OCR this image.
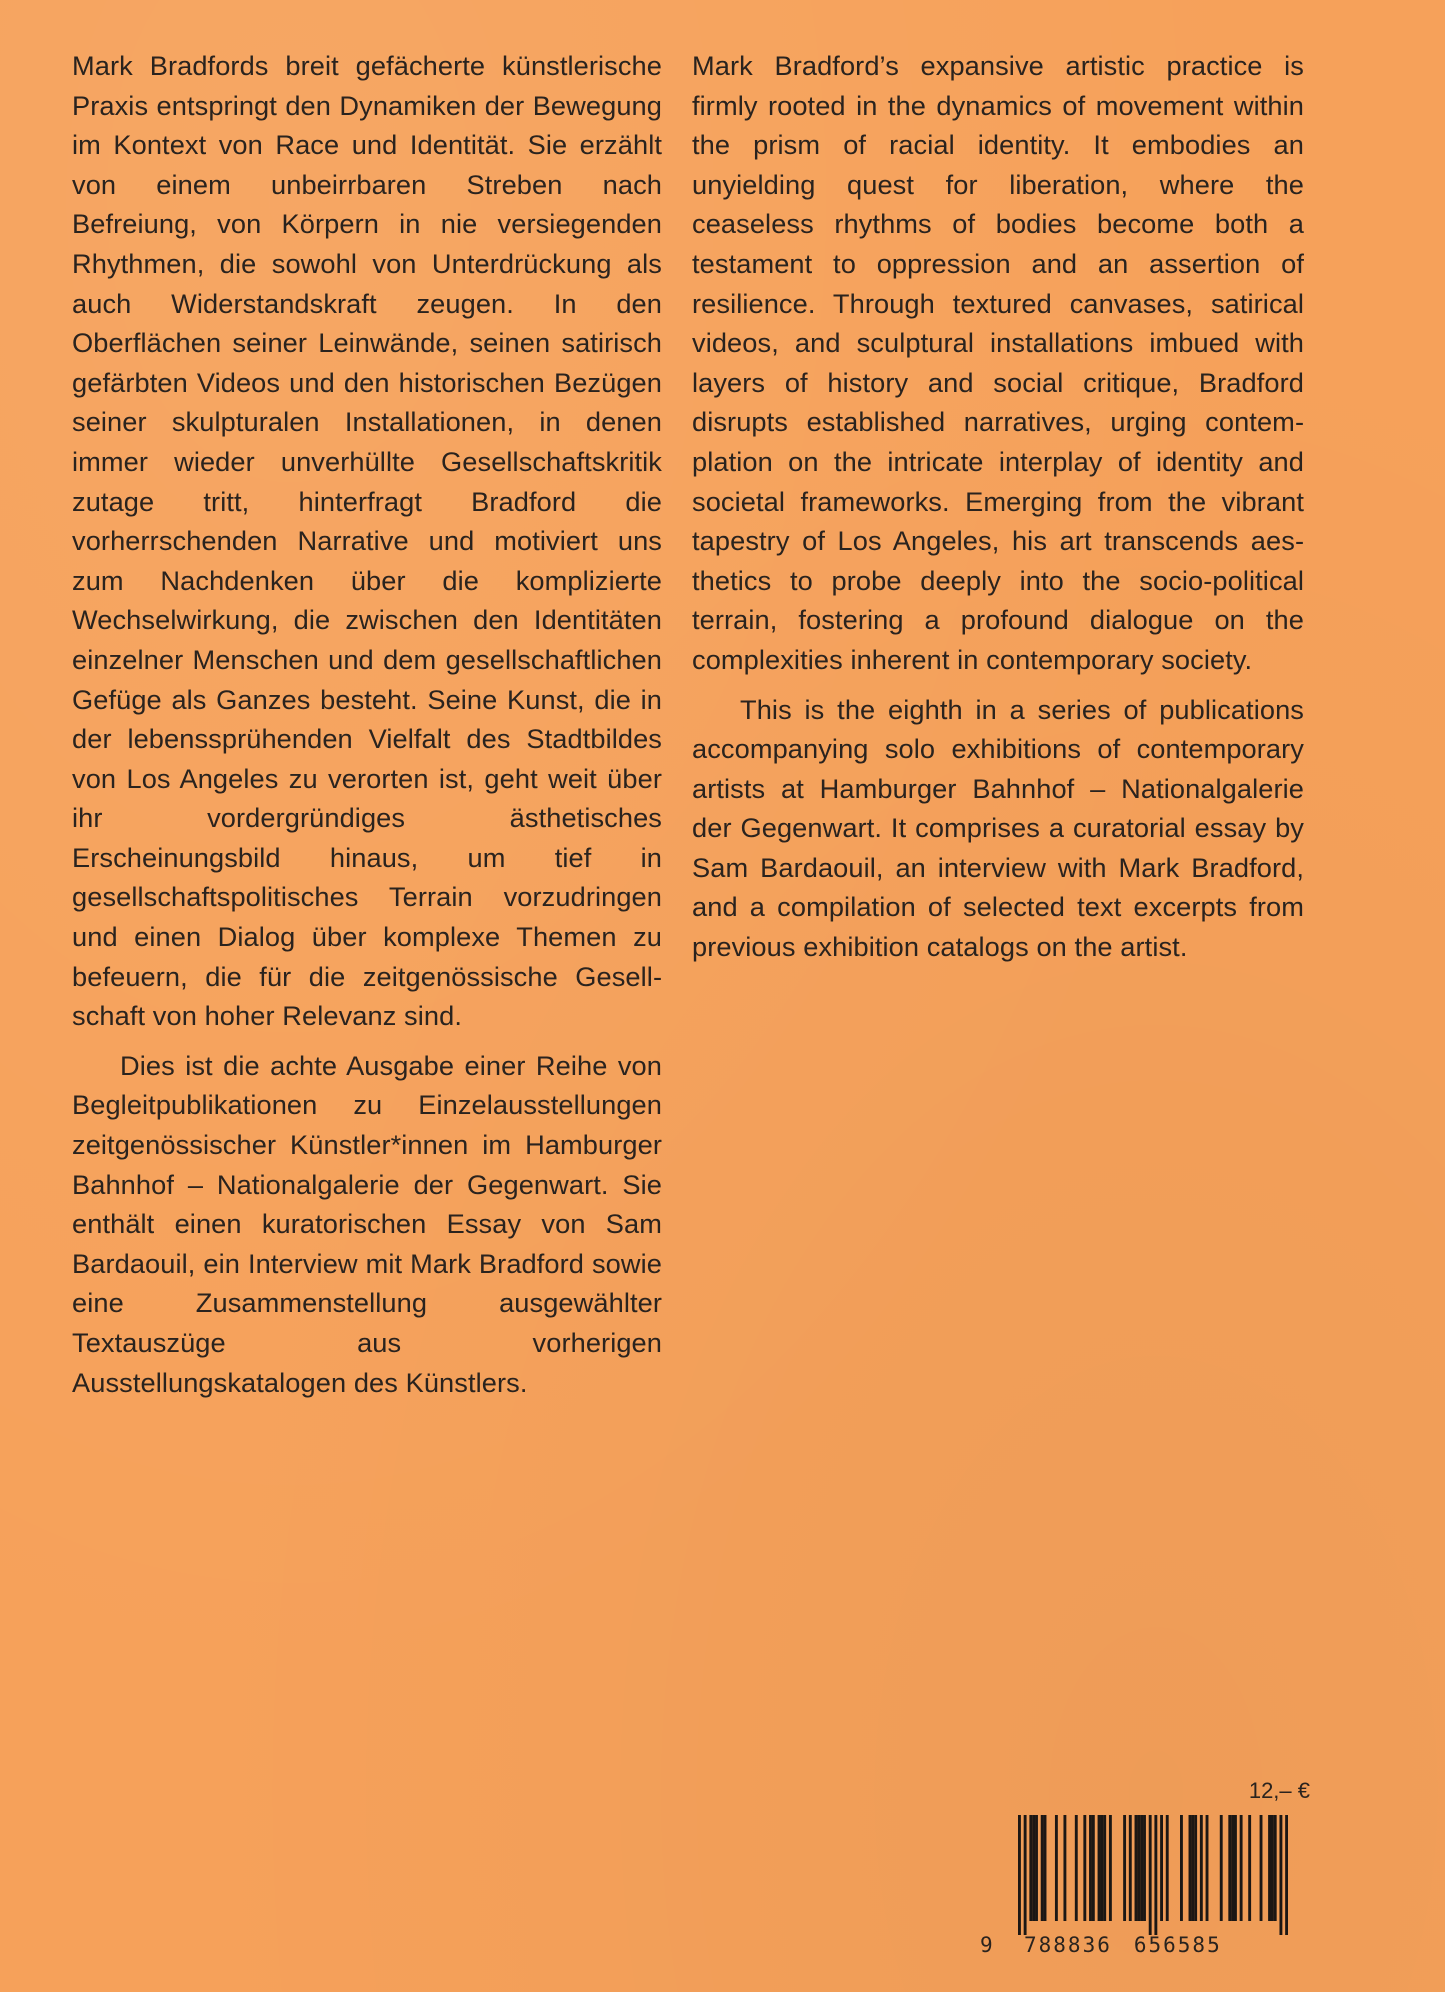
Mark Bradfords breit gefächerte künstlerische Praxis entspringt den Dynamiken der Bewegung im Kontext von Race und Identität. Sie erzählt von einem unbeirrbaren Streben nach Befreiung, von Körpern in nie versiegenden Rhythmen, die sowohl von Unterdrückung als auch Widerstandskraft zeugen. In den Oberflächen seiner Leinwände, seinen satirisch gefärbten Videos und den historischen Bezügen seiner skulpturalen Installationen, in denen immer wieder unverhüllte Gesellschaftskritik zutage tritt, hinterfragt Bradford die vorherrschenden Narrative und motiviert uns zum Nachdenken über die komplizierte Wechselwirkung, die zwischen den Identitäten einzelner Menschen und dem gesellschaftlichen Gefüge als Ganzes besteht. Seine Kunst, die in der lebenssprühenden Vielfalt des Stadtbildes von Los Angeles zu verorten ist, geht weit über ihr vordergründiges ästhetisches Erscheinungsbild hinaus, um tief in gesellschaftspolitisches Terrain vorzudringen und einen Dialog über komplexe Themen zu befeuern, die für die zeitgenössische Gesellschaft von hoher Relevanz sind.

Dies ist die achte Ausgabe einer Reihe von Begleitpublikationen zu Einzelausstellungen zeitgenössischer Künstler*innen im Hamburger Bahnhof – Nationalgalerie der Gegenwart. Sie enthält einen kuratorischen Essay von Sam Bardaouil, ein Interview mit Mark Bradford sowie eine Zusammenstellung ausgewählter Textauszüge aus vorherigen Ausstellungskatalogen des Künstlers.

Mark Bradford’s expansive artistic practice is firmly rooted in the dynamics of movement within the prism of racial identity. It embodies an unyielding quest for liberation, where the ceaseless rhythms of bodies become both a testament to oppression and an assertion of resilience. Through textured canvases, satirical videos, and sculptural installations imbued with layers of history and social critique, Bradford disrupts established narratives, urging contemplation on the intricate interplay of identity and societal frameworks. Emerging from the vibrant tapestry of Los Angeles, his art transcends aesthetics to probe deeply into the socio-political terrain, fostering a profound dialogue on the complexities inherent in contemporary society.

This is the eighth in a series of publications accompanying solo exhibitions of contemporary artists at Hamburger Bahnhof – Nationalgalerie der Gegenwart. It comprises a curatorial essay by Sam Bardaouil, an interview with Mark Bradford, and a compilation of selected text excerpts from previous exhibition catalogs on the artist.

12,– €
9	788836 656585
